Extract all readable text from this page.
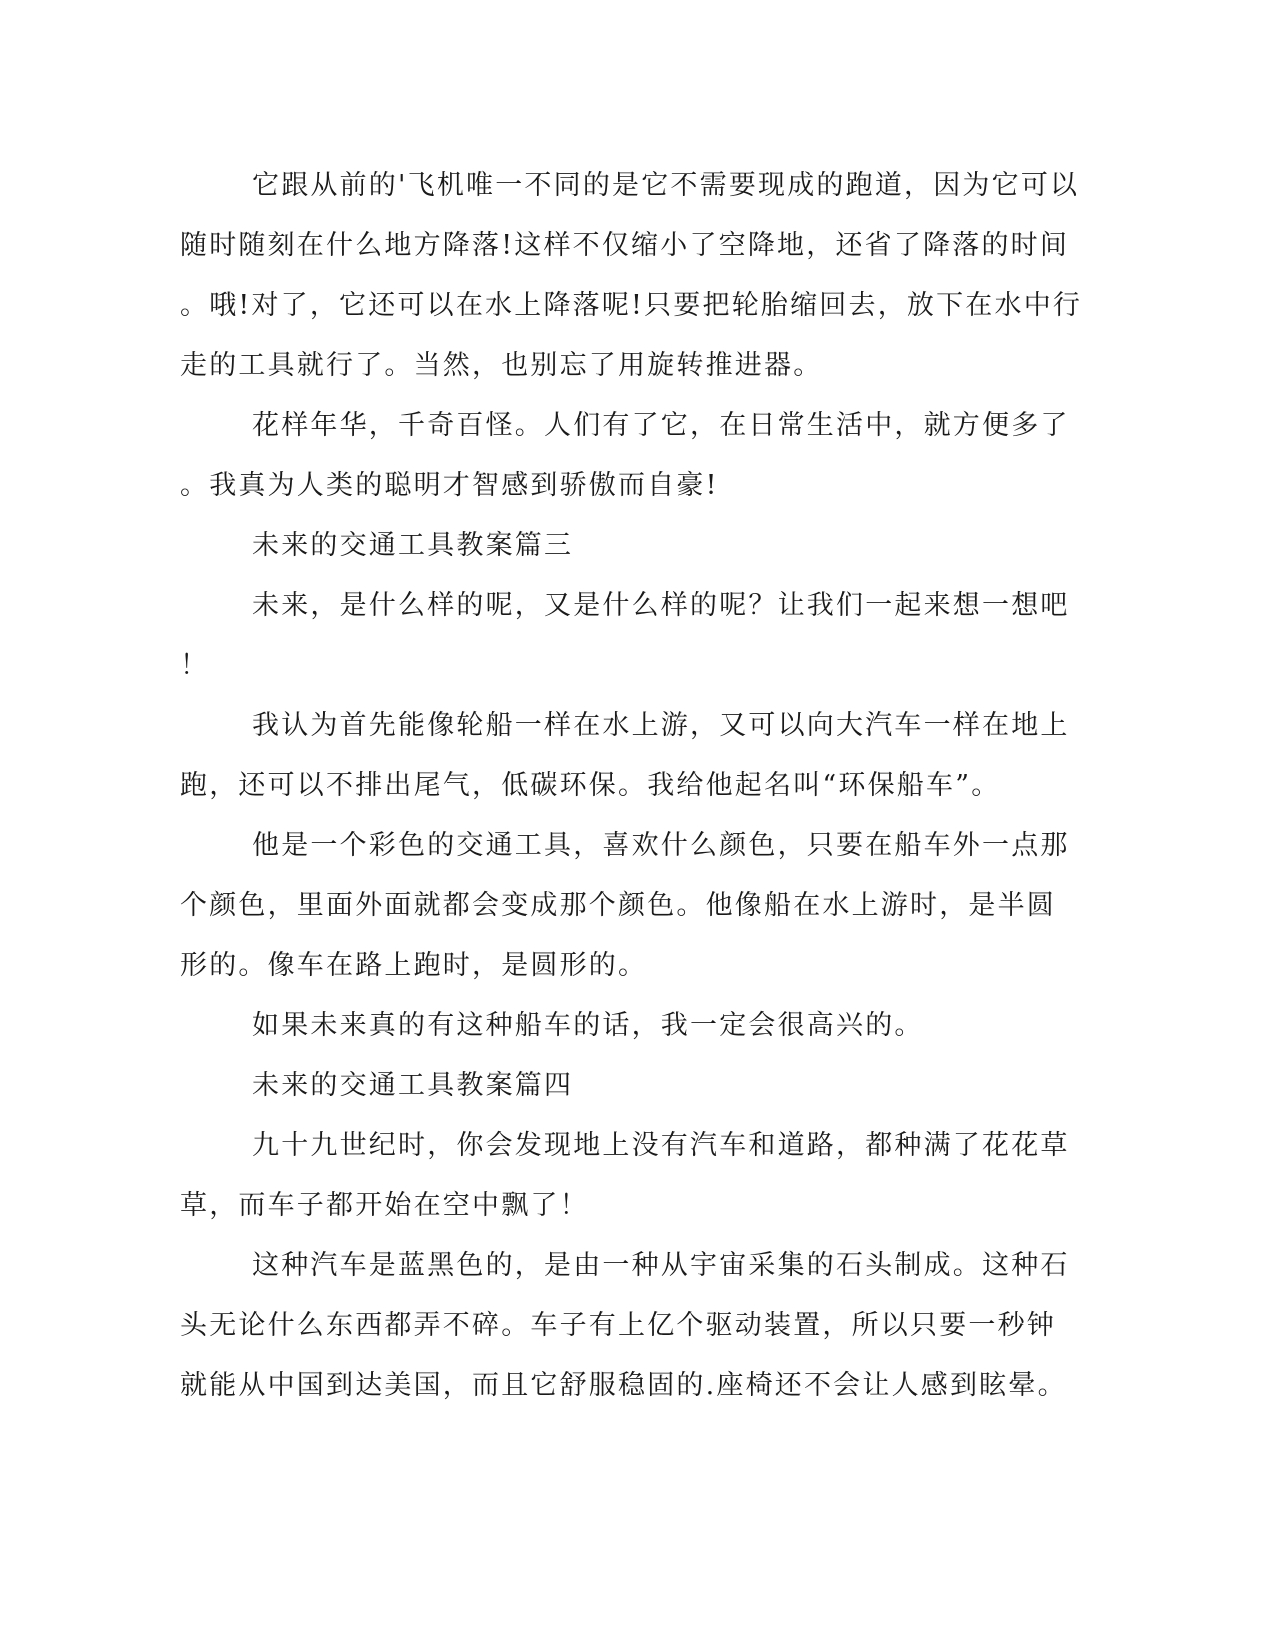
它跟从前的'飞机唯一不同的是它不需要现成的跑道，因为它可以
随时随刻在什么地方降落!这样不仅缩小了空降地，还省了降落的时间
。哦!对了，它还可以在水上降落呢!只要把轮胎缩回去，放下在水中行
走的工具就行了。当然，也别忘了用旋转推进器。
花样年华，千奇百怪。人们有了它，在日常生活中，就方便多了
。我真为人类的聪明才智感到骄傲而自豪!
未来的交通工具教案篇三
未来，是什么样的呢，又是什么样的呢？让我们一起来想一想吧
！
我认为首先能像轮船一样在水上游，又可以向大汽车一样在地上
跑，还可以不排出尾气，低碳环保。我给他起名叫“环保船车”。
他是一个彩色的交通工具，喜欢什么颜色，只要在船车外一点那
个颜色，里面外面就都会变成那个颜色。他像船在水上游时，是半圆
形的。像车在路上跑时，是圆形的。
如果未来真的有这种船车的话，我一定会很高兴的。
未来的交通工具教案篇四
九十九世纪时，你会发现地上没有汽车和道路，都种满了花花草
草，而车子都开始在空中飘了！
这种汽车是蓝黑色的，是由一种从宇宙采集的石头制成。这种石
头无论什么东西都弄不碎。车子有上亿个驱动装置，所以只要一秒钟
就能从中国到达美国，而且它舒服稳固的.座椅还不会让人感到眩晕。
